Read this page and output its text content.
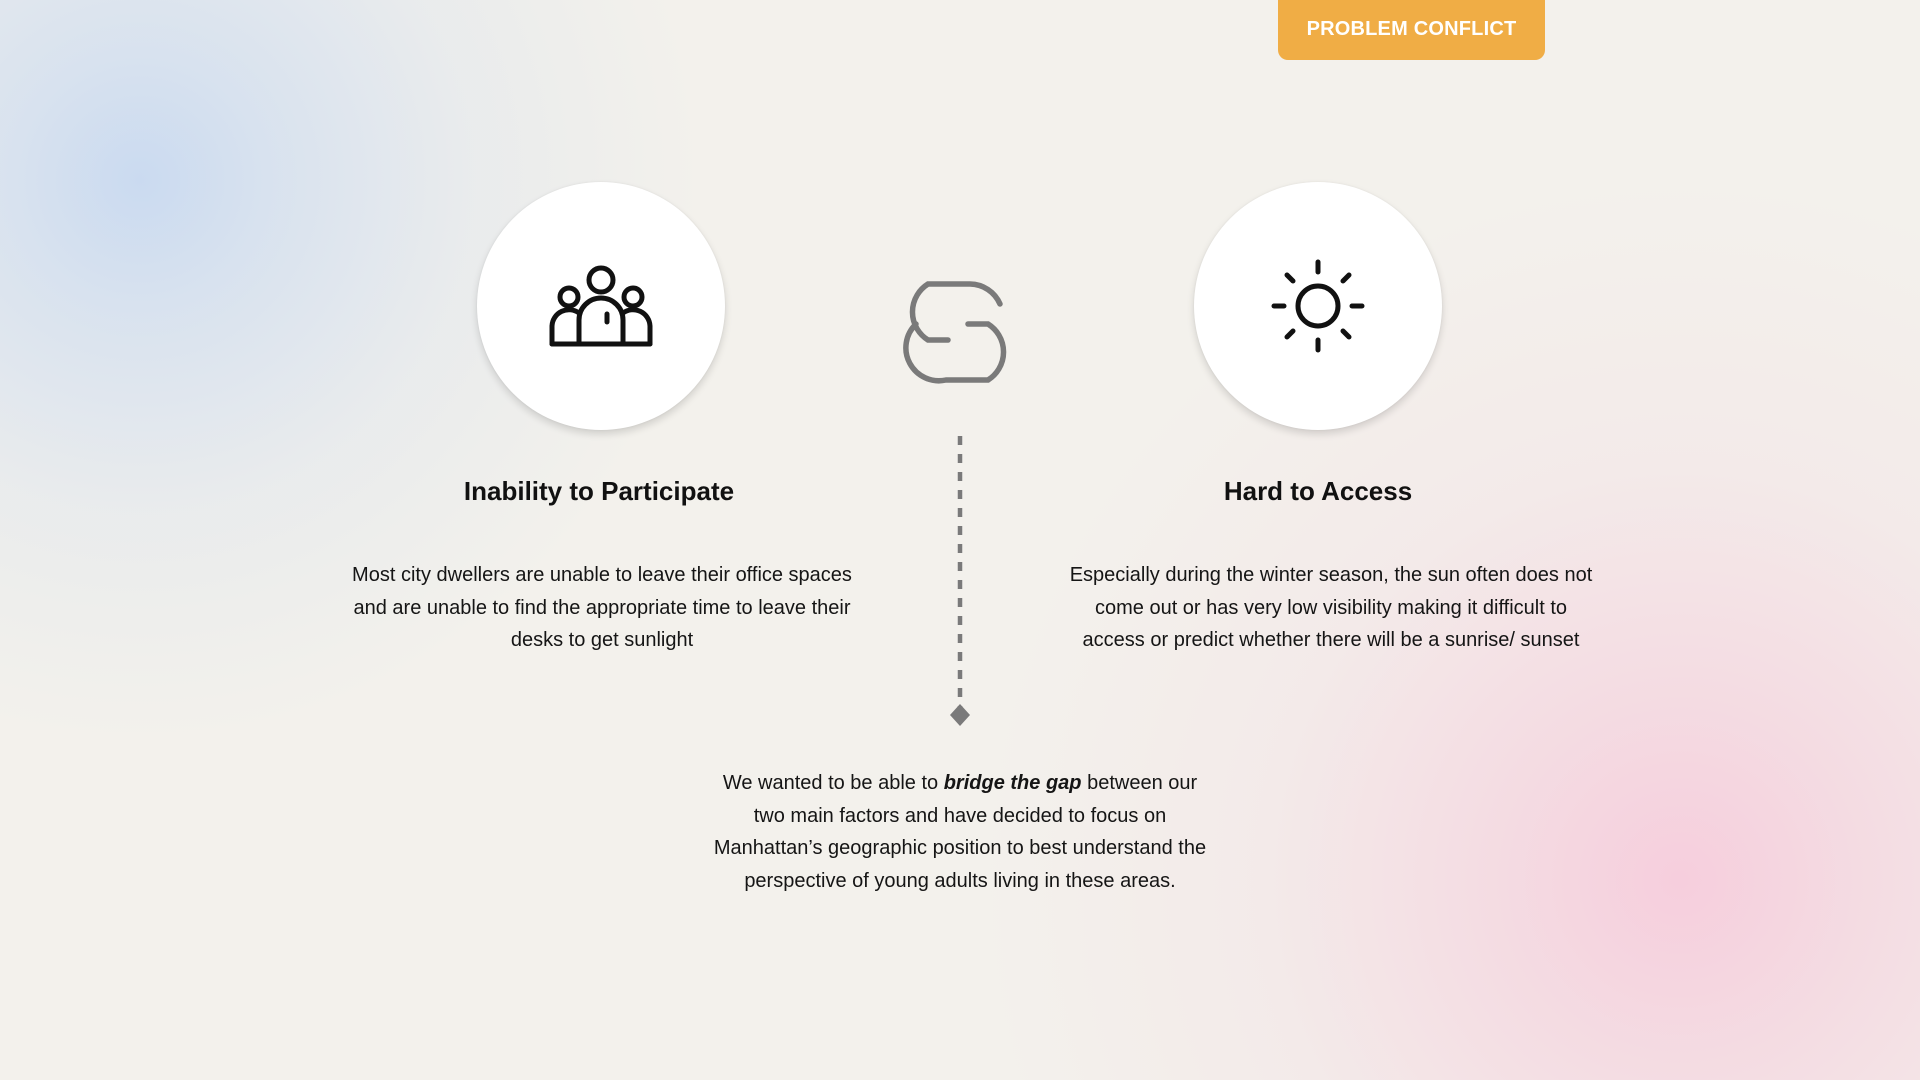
PROBLEM CONFLICT
Inability to Participate	Hard to Access
Most city dwellers are unable to leave their office spaces and are unable to find the appropriate time to leave their desks to get sunlight
Especially during the winter season, the sun often does not come out or has very low visibility making it difficult to access or predict whether there will be a sunrise/ sunset
We wanted to be able to bridge the gap between our two main factors and have decided to focus on Manhattan’s geographic position to best understand the perspective of young adults living in these areas.
